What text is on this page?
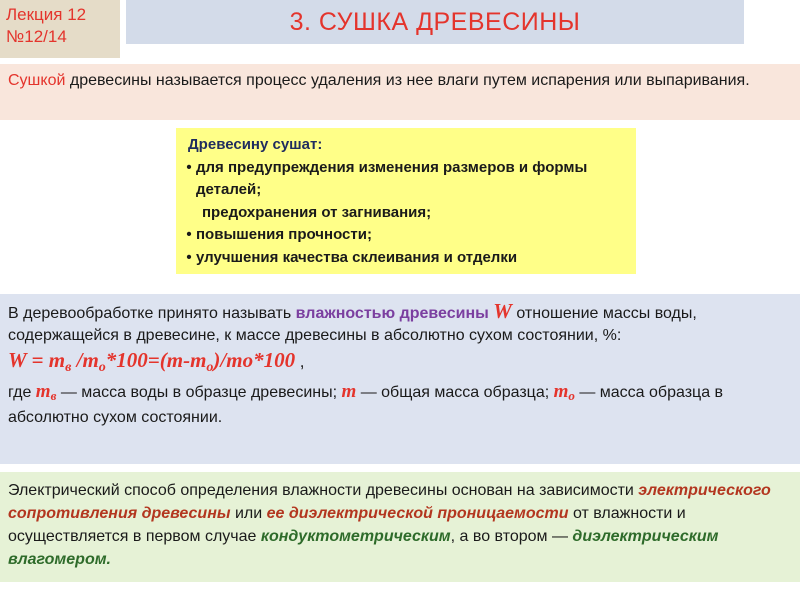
Лекция 12
№12/14
3. СУШКА ДРЕВЕСИНЫ
Сушкой древесины называется процесс удаления из нее влаги путем испарения или выпаривания.
Древесину сушат:
• для предупреждения изменения размеров и формы деталей;
предохранения от загнивания;
• повышения прочности;
• улучшения качества склеивания и отделки
В деревообработке принято называть влажностью древесины W отношение массы воды, содержащейся в древесине, к массе древесины в абсолютно сухом состоянии, %:
$W = m_в$ $/m_о*100=(m-m_о)/mo*100$ ,
где $m_в$ — масса воды в образце древесины; m — общая масса образца; $m_о$ — масса образца в абсолютно сухом состоянии.
Электрический способ определения влажности древесины основан на зависимости электрического сопротивления древесины или ее диэлектрической проницаемости от влажности и осуществляется в первом случае кондуктометрическим, а во втором — диэлектрическим влагомером.
